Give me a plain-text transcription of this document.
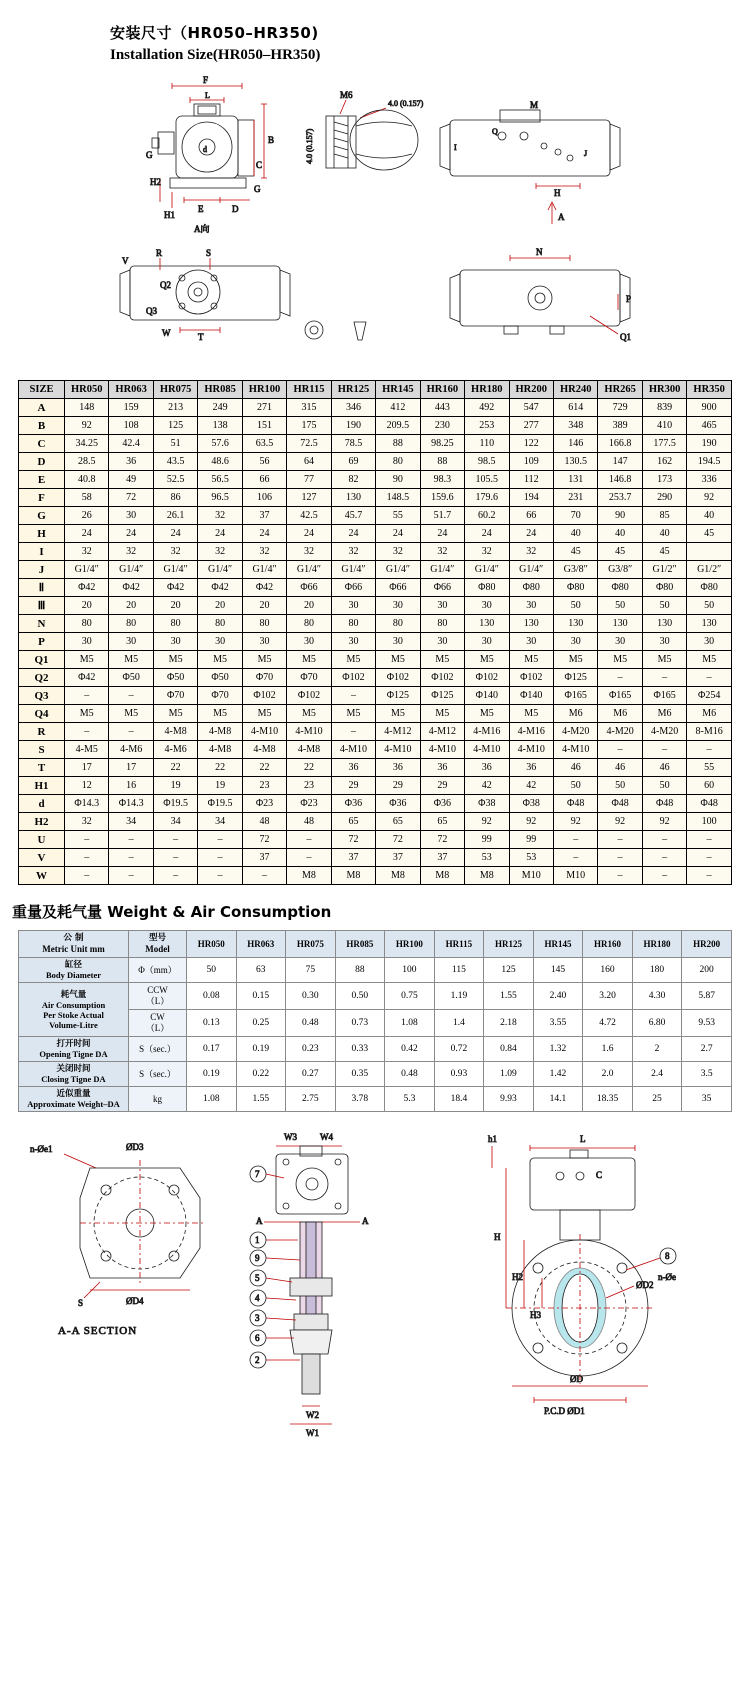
安装尺寸（HR050–HR350)
Installation Size(HR050–HR350)
F
L
d
B
C
H2
H1
E	D
G
G
A向
M6
4.0 (0.157)
4.0 (0.157)
M
Q
I
J
H
A
R	S
Q2
Q3
W	T
V
N
P
Q1
SIZE	HR050	HR063	HR075	HR085	HR100	HR115	HR125	HR145	HR160	HR180	HR200	HR240	HR265	HR300	HR350
A	148	159	213	249	271	315	346	412	443	492	547	614	729	839	900
B	92	108	125	138	151	175	190	209.5	230	253	277	348	389	410	465
C	34.25	42.4	51	57.6	63.5	72.5	78.5	88	98.25	110	122	146	166.8	177.5	190
D	28.5	36	43.5	48.6	56	64	69	80	88	98.5	109	130.5	147	162	194.5
E	40.8	49	52.5	56.5	66	77	82	90	98.3	105.5	112	131	146.8	173	336
F	58	72	86	96.5	106	127	130	148.5	159.6	179.6	194	231	253.7	290	92
G	26	30	26.1	32	37	42.5	45.7	55	51.7	60.2	66	70	90	85	40
H	24	24	24	24	24	24	24	24	24	24	24	40	40	40	45
I	32	32	32	32	32	32	32	32	32	32	32	45	45	45	
J	G1/4″	G1/4″	G1/4″	G1/4″	G1/4″	G1/4″	G1/4″	G1/4″	G1/4″	G1/4″	G1/4″	G3/8″	G3/8″	G1/2″	G1/2″
Ⅱ	Φ42	Φ42	Φ42	Φ42	Φ42	Φ66	Φ66	Φ66	Φ66	Φ80	Φ80	Φ80	Φ80	Φ80	Φ80
Ⅲ	20	20	20	20	20	20	30	30	30	30	30	50	50	50	50
N	80	80	80	80	80	80	80	80	80	130	130	130	130	130	130
P	30	30	30	30	30	30	30	30	30	30	30	30	30	30	30
Q1	M5	M5	M5	M5	M5	M5	M5	M5	M5	M5	M5	M5	M5	M5	M5
Q2	Φ42	Φ50	Φ50	Φ50	Φ70	Φ70	Φ102	Φ102	Φ102	Φ102	Φ102	Φ125	–	–	–
Q3	–	–	Φ70	Φ70	Φ102	Φ102	–	Φ125	Φ125	Φ140	Φ140	Φ165	Φ165	Φ165	Φ254
Q4	M5	M5	M5	M5	M5	M5	M5	M5	M5	M5	M5	M6	M6	M6	M6
R	–	–	4-M8	4-M8	4-M10	4-M10	–	4-M12	4-M12	4-M16	4-M16	4-M20	4-M20	4-M20	8-M16
S	4-M5	4-M6	4-M6	4-M8	4-M8	4-M8	4-M10	4-M10	4-M10	4-M10	4-M10	4-M10	–	–	–
T	17	17	22	22	22	22	36	36	36	36	36	46	46	46	55
H1	12	16	19	19	23	23	29	29	29	42	42	50	50	50	60
d	Φ14.3	Φ14.3	Φ19.5	Φ19.5	Φ23	Φ23	Φ36	Φ36	Φ36	Φ38	Φ38	Φ48	Φ48	Φ48	Φ48
H2	32	34	34	34	48	48	65	65	65	92	92	92	92	92	100
U	–	–	–	–	72	–	72	72	72	99	99	–	–	–	–
V	–	–	–	–	37	–	37	37	37	53	53	–	–	–	–
W	–	–	–	–	–	M8	M8	M8	M8	M8	M10	M10	–	–	–
重量及耗气量 Weight & Air Consumption
公 制
Metric Unit mm	型号
Model	HR050	HR063	HR075	HR085	HR100	HR115	HR125	HR145	HR160	HR180	HR200

缸径
Body Diameter	Φ（mm）	50	63	75	88	100	115	125	145	160	180	200

耗气量
Air Consumption
Per Stoke Actual
Volume-Litre	CCW
（L）	0.08	0.15	0.30	0.50	0.75	1.19	1.55	2.40	3.20	4.30	5.87
	CW
（L）	0.13	0.25	0.48	0.73	1.08	1.4	2.18	3.55	4.72	6.80	9.53

打开时间
Opening Tigne DA	S（sec.）	0.17	0.19	0.23	0.33	0.42	0.72	0.84	1.32	1.6	2	2.7

关闭时间
Closing Tigne DA	S（sec.）	0.19	0.22	0.27	0.35	0.48	0.93	1.09	1.42	2.0	2.4	3.5

近似重量
Approximate Weight–DA	kg	1.08	1.55	2.75	3.78	5.3	18.4	9.93	14.1	18.35	25	35
n-Øe1	ØD3
S	ØD4
A-A SECTION
W3	W4
7
A	A
1
9
5
4
3
6
2
W2
W1
h1	L
C
H
H2
H3
ØD2
8
n-Øe
P.C.D ØD1
ØD
